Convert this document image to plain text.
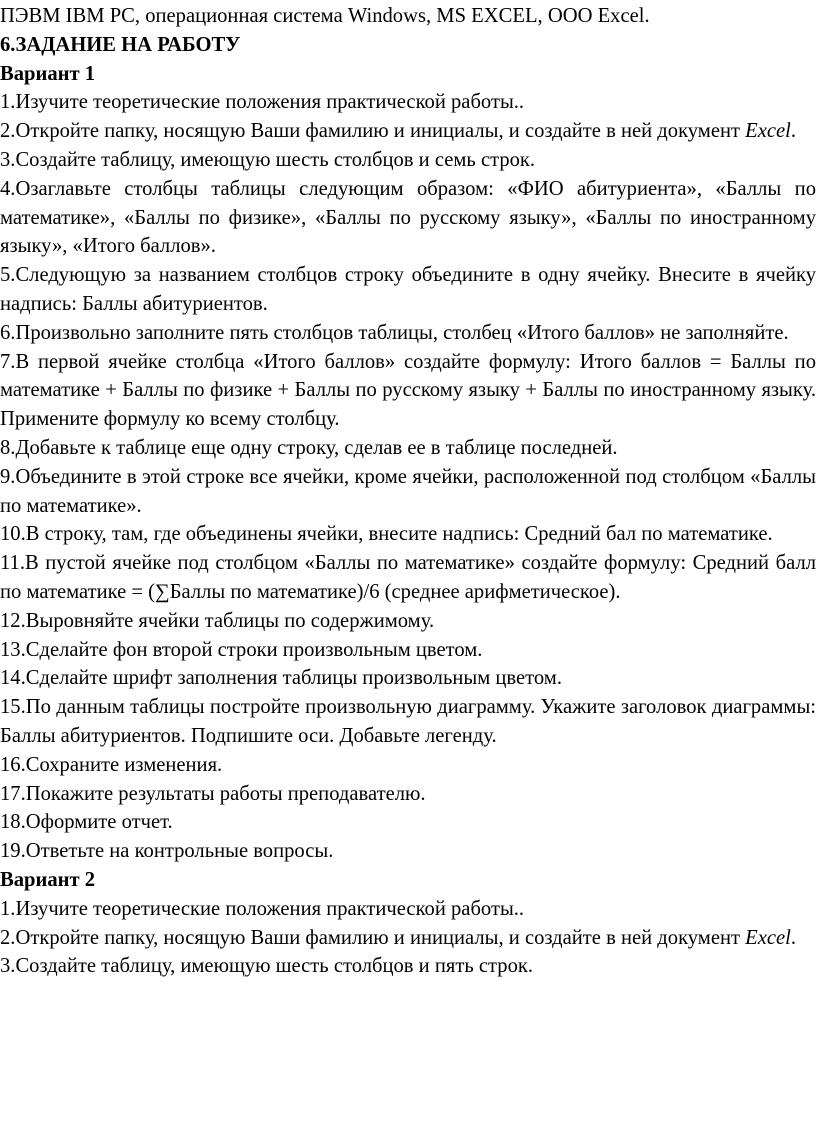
ПЭВМ IBM PC, операционная система Windows, MS EXCEL, ООО Excel.

6.ЗАДАНИЕ НА РАБОТУ

Вариант 1

1.Изучите теоретические положения практической работы..

2.Откройте папку, носящую Ваши фамилию и инициалы, и создайте в ней документ Excel.

3.Создайте таблицу, имеющую шесть столбцов и семь строк.

4.Озаглавьте столбцы таблицы следующим образом: «ФИО абитуриента», «Баллы по математике», «Баллы по физике», «Баллы по русскому языку», «Баллы по иностранному языку», «Итого баллов».

5.Следующую за названием столбцов строку объедините в одну ячейку. Внесите в ячейку надпись: Баллы абитуриентов.

6.Произвольно заполните пять столбцов таблицы, столбец «Итого баллов» не заполняйте.

7.В первой ячейке столбца «Итого баллов» создайте формулу: Итого баллов = Баллы по математике + Баллы по физике + Баллы по русскому языку + Баллы по иностранному языку. Примените формулу ко всему столбцу.

8.Добавьте к таблице еще одну строку, сделав ее в таблице последней.

9.Объедините в этой строке все ячейки, кроме ячейки, расположенной под столбцом «Баллы по математике».

10.В строку, там, где объединены ячейки, внесите надпись: Средний бал по математике.

11.В пустой ячейке под столбцом «Баллы по математике» создайте формулу: Средний балл по математике = (∑Баллы по математике)/6 (среднее арифметическое).

12.Выровняйте ячейки таблицы по содержимому.

13.Сделайте фон второй строки произвольным цветом.

14.Сделайте шрифт заполнения таблицы произвольным цветом.

15.По данным таблицы постройте произвольную диаграмму. Укажите заголовок диаграммы: Баллы абитуриентов. Подпишите оси. Добавьте легенду.

16.Сохраните изменения.

17.Покажите результаты работы преподавателю.

18.Оформите отчет.

19.Ответьте на контрольные вопросы.

Вариант 2

1.Изучите теоретические положения практической работы..

2.Откройте папку, носящую Ваши фамилию и инициалы, и создайте в ней документ Excel.

3.Создайте таблицу, имеющую шесть столбцов и пять строк.
